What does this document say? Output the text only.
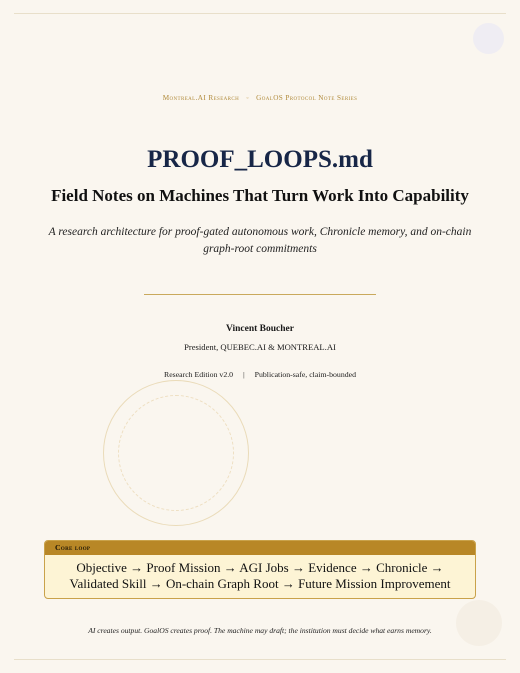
Montreal.AI Research ◦ GoalOS Protocol Note Series
PROOF_LOOPS.md
Field Notes on Machines That Turn Work Into Capability
A research architecture for proof-gated autonomous work, Chronicle memory, and on-chain graph-root commitments
Vincent Boucher
President, QUEBEC.AI & MONTREAL.AI
Research Edition v2.0 | Publication-safe, claim-bounded
Core loop
Objective → Proof Mission → AGI Jobs → Evidence → Chronicle → Validated Skill → On-chain Graph Root → Future Mission Improvement
AI creates output. GoalOS creates proof. The machine may draft; the institution must decide what earns memory.
